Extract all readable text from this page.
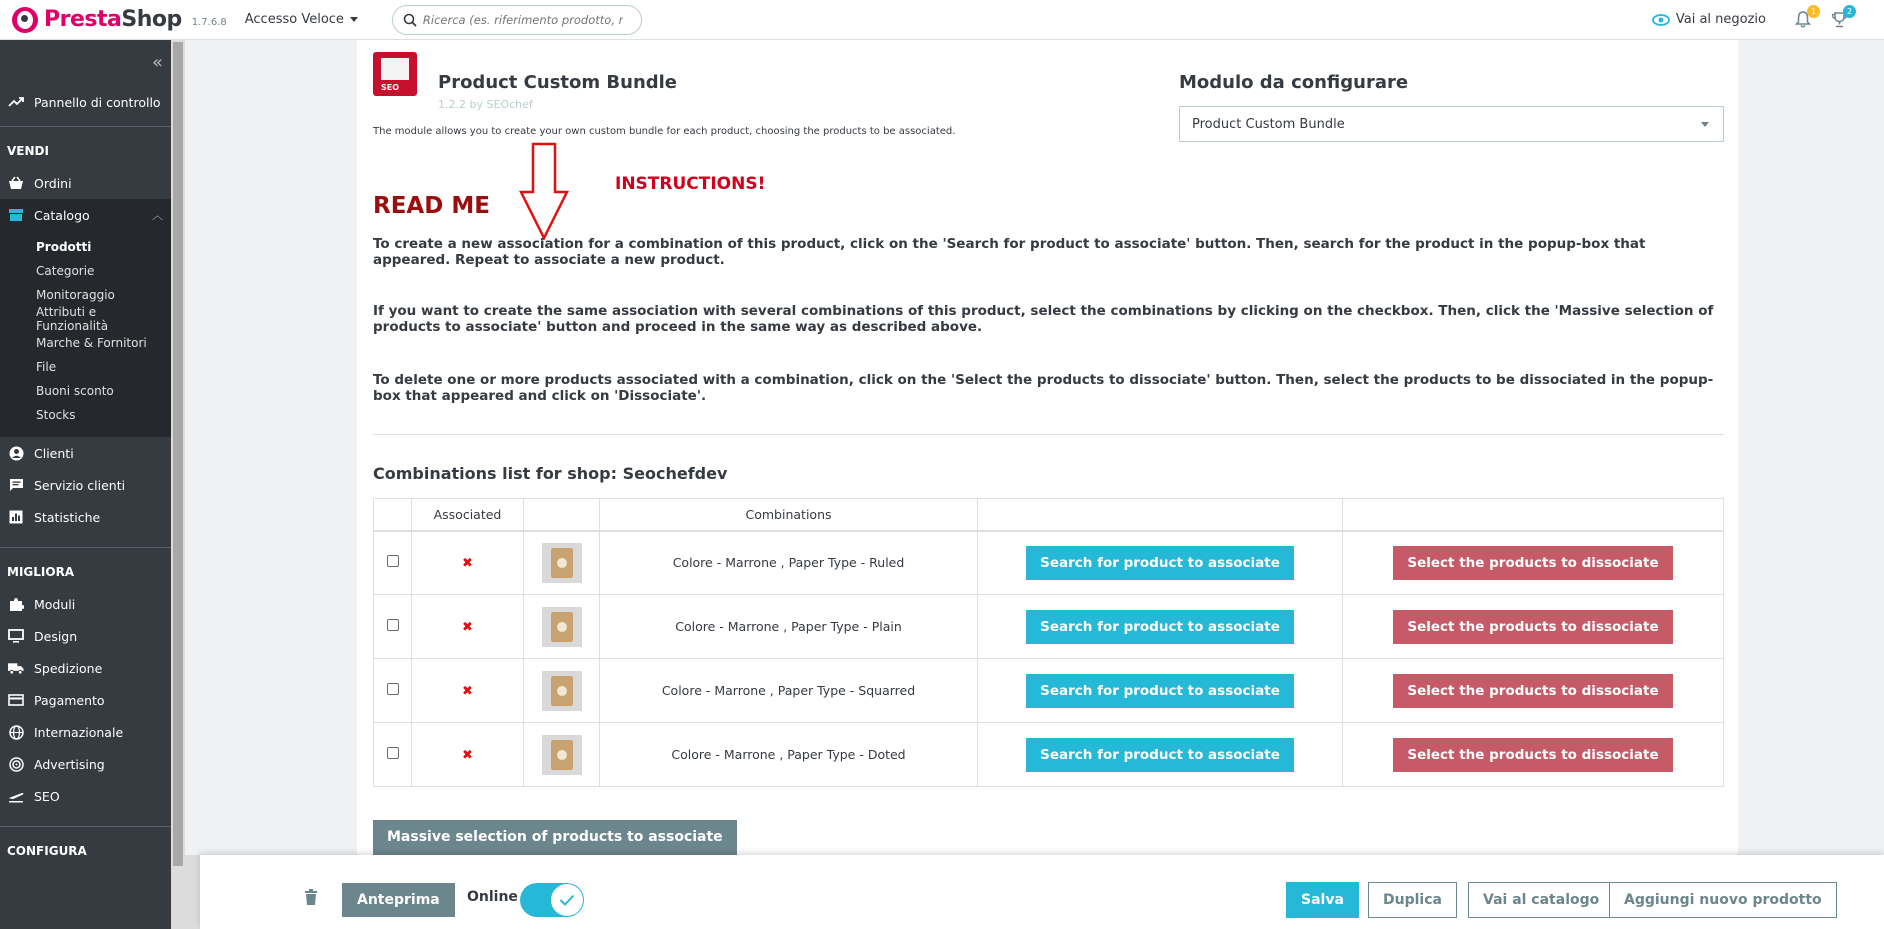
PrestaShop 1.7.6.8 Accesso Veloce
Ricerca (es. riferimento prodotto, nome	Vai al negozio
1	2
«
Pannello di controllo
VENDI
Ordini
Catalogo	︿
Prodotti
Categorie
Monitoraggio
Attributi e Funzionalità
Marche & Fornitori
File
Buoni sconto
Stocks
Clienti
Servizio clienti
Statistiche
MIGLIORA
Moduli
Design
Spedizione
Pagamento
Internazionale
Advertising
SEO
CONFIGURA
SEO Product Custom Bundle
1.2.2 by SEOchef
The module allows you to create your own custom bundle for each product, choosing the products to be associated.
Modulo da configurare
Product Custom Bundle
INSTRUCTIONS!
READ ME
To create a new association for a combination of this product, click on the 'Search for product to associate' button. Then, search for the product in the popup-box that appeared. Repeat to associate a new product.
If you want to create the same association with several combinations of this product, select the combinations by clicking on the checkbox. Then, click the 'Massive selection of products to associate' button and proceed in the same way as described above.
To delete one or more products associated with a combination, click on the 'Select the products to dissociate' button. Then, select the products to be dissociated in the popup-box that appeared and click on 'Dissociate'.
Combinations list for shop: Seochefdev
	Associated		Combinations		
	✖		Colore - Marrone , Paper Type - Ruled	Search for product to associate	Select the products to dissociate
	✖		Colore - Marrone , Paper Type - Plain	Search for product to associate	Select the products to dissociate
	✖		Colore - Marrone , Paper Type - Squarred	Search for product to associate	Select the products to dissociate
	✖		Colore - Marrone , Paper Type - Doted	Search for product to associate	Select the products to dissociate
Massive selection of products to associate
Anteprima	Online	Salva	Duplica	Vai al catalogo	Aggiungi nuovo prodotto
